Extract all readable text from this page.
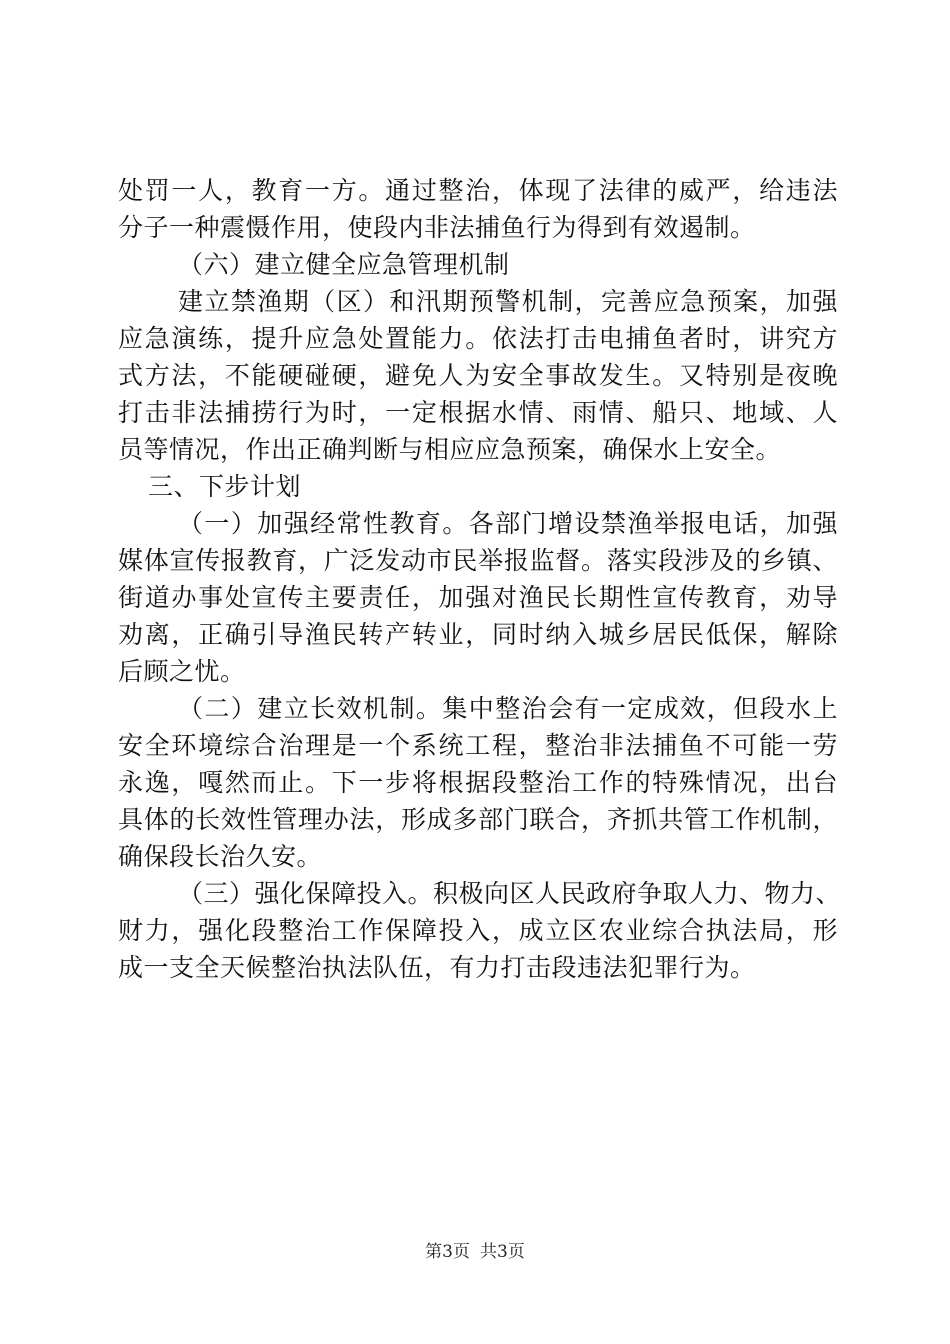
处罚一人，教育一方。通过整治，体现了法律的威严，给违法
分子一种震慑作用，使段内非法捕鱼行为得到有效遏制。
（六）建立健全应急管理机制
建立禁渔期（区）和汛期预警机制，完善应急预案，加强
应急演练，提升应急处置能力。依法打击电捕鱼者时，讲究方
式方法，不能硬碰硬，避免人为安全事故发生。又特别是夜晚
打击非法捕捞行为时，一定根据水情、雨情、船只、地域、人
员等情况，作出正确判断与相应应急预案，确保水上安全。
三、下步计划
（一）加强经常性教育。各部门增设禁渔举报电话，加强
媒体宣传报教育，广泛发动市民举报监督。落实段涉及的乡镇、
街道办事处宣传主要责任，加强对渔民长期性宣传教育，劝导
劝离，正确引导渔民转产转业，同时纳入城乡居民低保，解除
后顾之忧。
（二）建立长效机制。集中整治会有一定成效，但段水上
安全环境综合治理是一个系统工程，整治非法捕鱼不可能一劳
永逸，嘎然而止。下一步将根据段整治工作的特殊情况，出台
具体的长效性管理办法，形成多部门联合，齐抓共管工作机制，
确保段长治久安。
（三）强化保障投入。积极向区人民政府争取人力、物力、
财力，强化段整治工作保障投入，成立区农业综合执法局，形
成一支全天候整治执法队伍，有力打击段违法犯罪行为。
第3页 共3页
